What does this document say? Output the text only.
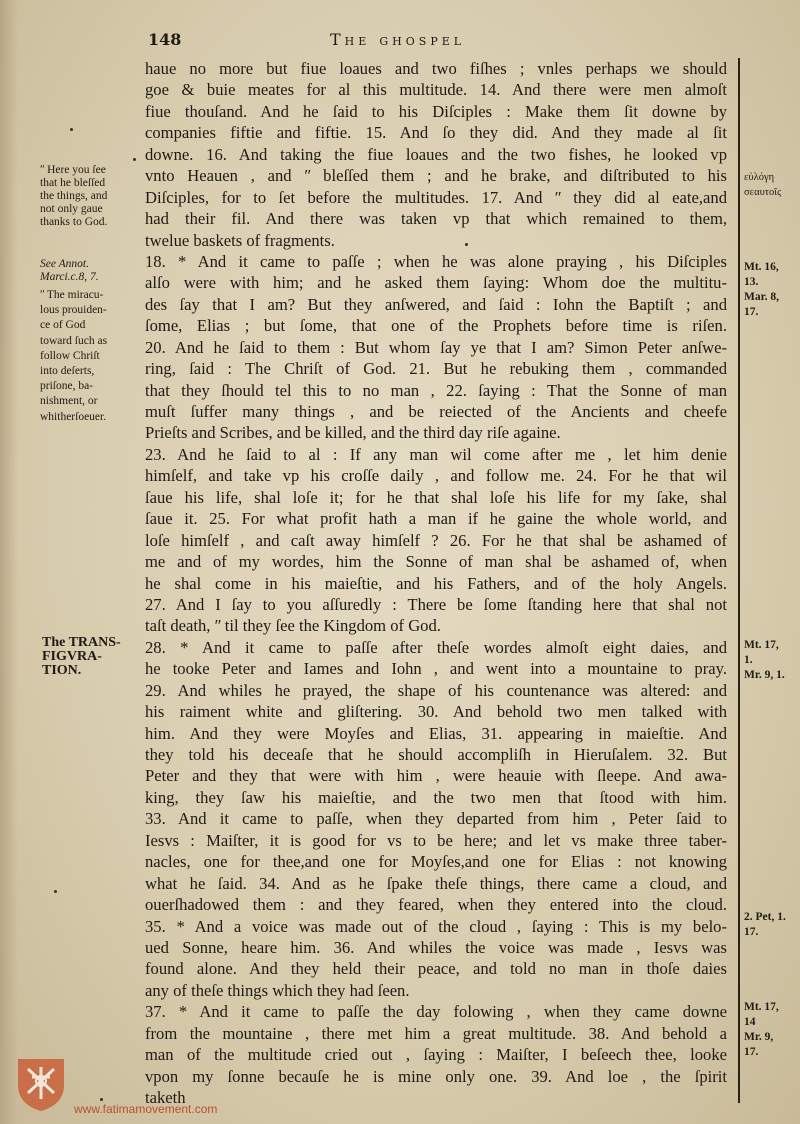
148	The ghospel
haue no more but fiue loaues and two fiſhes ; vnles perhaps we should
goe & buie meates for al this multitude. 14. And there were men almoſt
fiue thouſand. And he ſaid to his Diſciples : Make them ſit downe by
companies fiftie and fiftie. 15. And ſo they did. And they made al ſit
downe. 16. And taking the fiue loaues and the two fishes, he looked vp
vnto Heauen , and ʺ bleſſed them ; and he brake, and diſtributed to his
Diſciples, for to ſet before the multitudes. 17. And ʺ they did al eate,and
had their fil. And there was taken vp that which remained to them,
twelue baskets of fragments.
18. * And it came to paſſe ; when he was alone praying , his Diſciples
alſo were with him; and he asked them ſaying: Whom doe the multitu-
des ſay that I am? But they anſwered, and ſaid : Iohn the Baptiſt ; and
ſome, Elias ; but ſome, that one of the Prophets before time is riſen.
20. And he ſaid to them : But whom ſay ye that I am? Simon Peter anſwe-
ring, ſaid : The Chriſt of God. 21. But he rebuking them , commanded
that they ſhould tel this to no man , 22. ſaying : That the Sonne of man
muſt ſuffer many things , and be reiected of the Ancients and cheefe
Prieſts and Scribes, and be killed, and the third day riſe againe.
23. And he ſaid to al : If any man wil come after me , let him denie
himſelf, and take vp his croſſe daily , and follow me. 24. For he that wil
ſaue his life, shal loſe it; for he that shal loſe his life for my ſake, shal
ſaue it. 25. For what profit hath a man if he gaine the whole world, and
loſe himſelf , and caſt away himſelf ? 26. For he that shal be ashamed of
me and of my wordes, him the Sonne of man shal be ashamed of, when
he shal come in his maieſtie, and his Fathers, and of the holy Angels.
27. And I ſay to you aſſuredly : There be ſome ſtanding here that shal not
taſt death, ʺ til they ſee the Kingdom of God.
28. * And it came to paſſe after theſe wordes almoſt eight daies, and
he tooke Peter and Iames and Iohn , and went into a mountaine to pray.
29. And whiles he prayed, the shape of his countenance was altered: and
his raiment white and gliſtering. 30. And behold two men talked with
him. And they were Moyſes and Elias, 31. appearing in maieſtie. And
they told his deceaſe that he should accompliſh in Hieruſalem. 32. But
Peter and they that were with him , were heauie with ſleepe. And awa-
king, they ſaw his maieſtie, and the two men that ſtood with him.
33. And it came to paſſe, when they departed from him , Peter ſaid to
Iesvs : Maiſter, it is good for vs to be here; and let vs make three taber-
nacles, one for thee,and one for Moyſes,and one for Elias : not knowing
what he ſaid. 34. And as he ſpake theſe things, there came a cloud, and
ouerſhadowed them : and they feared, when they entered into the cloud.
35. * And a voice was made out of the cloud , ſaying : This is my belo-
ued Sonne, heare him. 36. And whiles the voice was made , Iesvs was
found alone. And they held their peace, and told no man in thoſe daies
any of theſe things which they had ſeen.
37. * And it came to paſſe the day folowing , when they came downe
from the mountaine , there met him a great multitude. 38. And behold a
man of the multitude cried out , ſaying : Maiſter, I beſeech thee, looke
vpon my ſonne becauſe he is mine only one. 39. And loe , the ſpirit
taketh
ʺ Here you ſee
that he bleſſed
the things, and
not only gaue
thanks to God.
See Annot.
Marci.c.8, 7.
ʺ The miracu-
lous prouiden-
ce of God
toward ſuch as
follow Chriſt
into deſerts,
priſone, ba-
nishment, or
whitherſoeuer.
The TRANS-
FIGVRA-
TION.
εὐλόγη
σεαυτοῖς
Mt. 16,
13.
Mar. 8,
17.
Mt. 17,
1.
Mr. 9, 1.
2. Pet, 1.
17.
Mt. 17,
14
Mr. 9,
17.
www.fatimamovement.com
